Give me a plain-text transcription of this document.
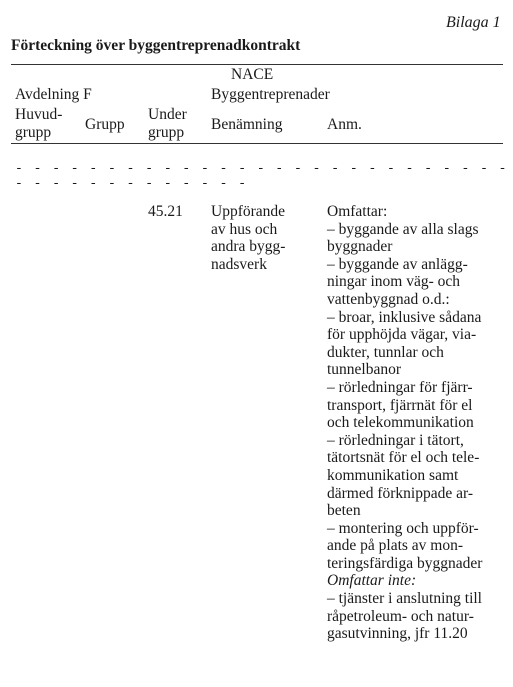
Bilaga 1
Förteckning över byggentreprenadkontrakt
NACE
Avdelning F	Byggentreprenader
Huvud-
grupp Grupp
Under
grupp Benämning	Anm.
- - - - - - - - - - - - - - - - - - - - - - - - - - - - - - - - - - - - - - - -
45.21 Uppförande
av hus och
andra bygg-
nadsverk
Omfattar:
– byggande av alla slags
byggnader
– byggande av anlägg-
ningar inom väg- och
vattenbyggnad o.d.:
– broar, inklusive sådana
för upphöjda vägar, via-
dukter, tunnlar och
tunnelbanor
– rörledningar för fjärr-
transport, fjärrnät för el
och telekommunikation
– rörledningar i tätort,
tätortsnät för el och tele-
kommunikation samt
därmed förknippade ar-
beten
– montering och uppför-
ande på plats av mon-
teringsfärdiga byggnader
Omfattar inte:
– tjänster i anslutning till
råpetroleum- och natur-
gasutvinning, jfr 11.20
